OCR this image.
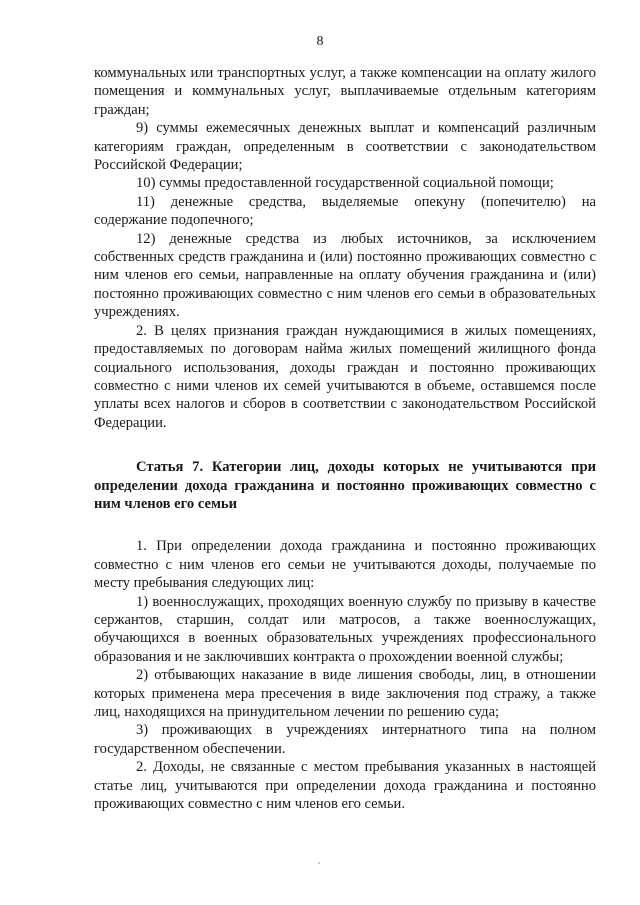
8

коммунальных или транспортных услуг, а также компенсации на оплату жилого помещения и коммунальных услуг, выплачиваемые отдельным категориям граждан;

9) суммы ежемесячных денежных выплат и компенсаций различным категориям граждан, определенным в соответствии с законодательством Российской Федерации;

10) суммы предоставленной государственной социальной помощи;

11) денежные средства, выделяемые опекуну (попечителю) на содержание подопечного;

12) денежные средства из любых источников, за исключением собственных средств гражданина и (или) постоянно проживающих совместно с ним членов его семьи, направленные на оплату обучения гражданина и (или) постоянно проживающих совместно с ним членов его семьи в образовательных учреждениях.

2. В целях признания граждан нуждающимися в жилых помещениях, предоставляемых по договорам найма жилых помещений жилищного фонда социального использования, доходы граждан и постоянно проживающих совместно с ними членов их семей учитываются в объеме, оставшемся после уплаты всех налогов и сборов в соответствии с законодательством Российской Федерации.

Статья 7. Категории лиц, доходы которых не учитываются при определении дохода гражданина и постоянно проживающих совместно с ним членов его семьи

1. При определении дохода гражданина и постоянно проживающих совместно с ним членов его семьи не учитываются доходы, получаемые по месту пребывания следующих лиц:

1) военнослужащих, проходящих военную службу по призыву в качестве сержантов, старшин, солдат или матросов, а также военнослужащих, обучающихся в военных образовательных учреждениях профессионального образования и не заключивших контракта о прохождении военной службы;

2) отбывающих наказание в виде лишения свободы, лиц, в отношении которых применена мера пресечения в виде заключения под стражу, а также лиц, находящихся на принудительном лечении по решению суда;

3) проживающих в учреждениях интернатного типа на полном государственном обеспечении.

2. Доходы, не связанные с местом пребывания указанных в настоящей статье лиц, учитываются при определении дохода гражданина и постоянно проживающих совместно с ним членов его семьи.
